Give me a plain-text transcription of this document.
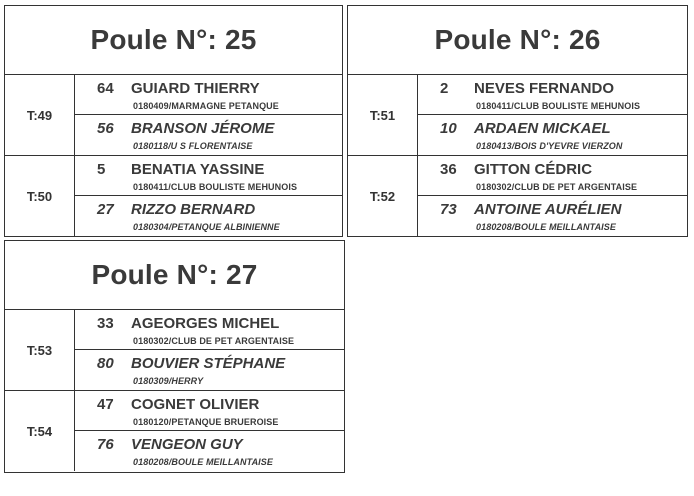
Poule N°: 25
T:49
64 GUIARD THIERRY
0180409/MARMAGNE PETANQUE
56 BRANSON JÉROME
0180118/U S FLORENTAISE
T:50
5 BENATIA YASSINE
0180411/CLUB BOULISTE MEHUNOIS
27 RIZZO BERNARD
0180304/PETANQUE ALBINIENNE
Poule N°: 26
T:51
2 NEVES FERNANDO
0180411/CLUB BOULISTE MEHUNOIS
10 ARDAEN MICKAEL
0180413/BOIS D'YEVRE VIERZON
T:52
36 GITTON CÉDRIC
0180302/CLUB DE PET ARGENTAISE
73 ANTOINE AURÉLIEN
0180208/BOULE MEILLANTAISE
Poule N°: 27
T:53
33 AGEORGES MICHEL
0180302/CLUB DE PET ARGENTAISE
80 BOUVIER STÉPHANE
0180309/HERRY
T:54
47 COGNET OLIVIER
0180120/PETANQUE BRUEROISE
76 VENGEON GUY
0180208/BOULE MEILLANTAISE
